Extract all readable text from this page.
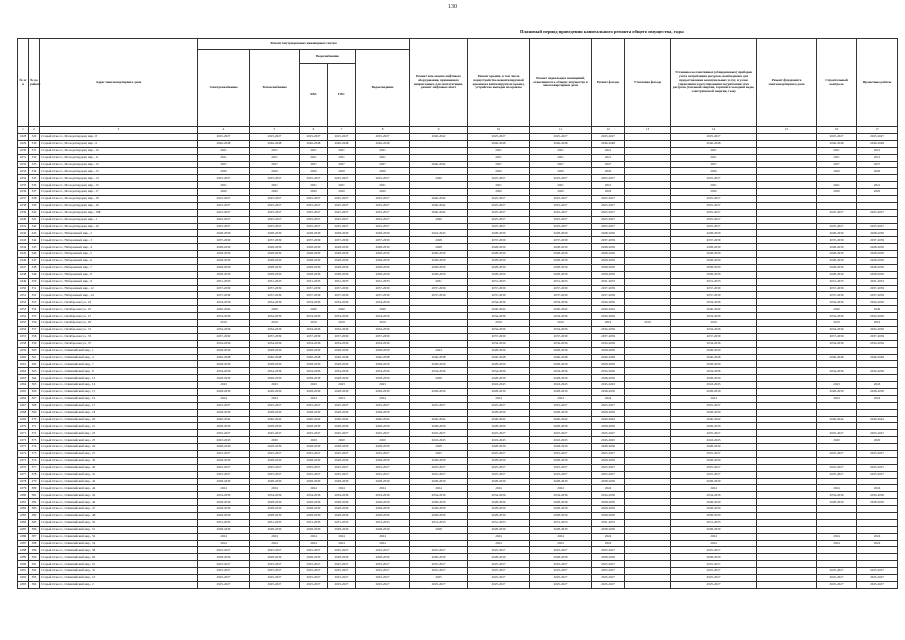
130
Плановый период проведения капитального ремонта общего имущества, годы
№ п/п	№ по району	Адрес многоквартирного дома	Ремонт внутридомовых инженерных систем					Ремонт или замена лифтового оборудования, признанного непригодным для эксплуатации, ремонт лифтовых шахт	Ремонт крыши, в том числе переустройство невентилируемой крыши на вентилируемую крышу, устройство выходов на кровлю	Ремонт подвальных помещений, относящихся к общему имуществу в многоквартирном доме	Ремонт фасада	Утепление фасада	Установка коллективных (общедомовых) приборов учета потребления ресурсов, необходимых для предоставления коммунальных услуг, и узлов управления и регулирования потребления этих ресурсов (тепловой энергии, горячей и холодной воды, электрической энергии, газа)	Ремонт фундамента многоквартирного дома	Строительный контроль	Проектные работы
			Электроснабжение	Теплоснабжение	Водоснабжение		Водоотведение									
					ХВС	ГВС										
1	2	3	4	5	6	7	8	9	10	11	12	13	14	15	16	17
4328	329	Старый Оскол г., Молодогвардеец мкр., 8	2025-2027	2025-2027	2025-2027	2025-2027	2025-2027	2040-2042	2025-2027	2025-2027	2025-2027		2025-2027		2025-2027	2025-2027
4329	330	Старый Оскол г., Молодогвардеец мкр., 9	2046-2048	2046-2048	2046-2048	2046-2048	2046-2048		2046-2048	2046-2048	2046-2048		2046-2048		2046-2048	2046-2048
4330	331	Старый Оскол г., Молодогвардеец мкр., 10	2021	2021	2021	2021	2021		2021	2021	2021		2021		2021	2021
4331	332	Старый Оскол г., Молодогвардеец мкр., 11	2021	2021	2021	2021	2021		2021	2021	2021		2021		2021	2021
4332	333	Старый Оскол г., Молодогвардеец мкр., 12	2027	2027	2027	2027	2027	2040-2042	2027	2027	2027		2027		2027	2027
4333	334	Старый Оскол г., Молодогвардеец мкр., 13	2020	2020	2020	2020	2020		2020	2020	2020		2020		2020	2020
4334	335	Старый Оскол г., Молодогвардеец мкр., 14	2025-2027	2025-2027	2025-2027	2025-2027	2025-2027	2040	2025-2027	2025-2027	2025-2027		2025-2027			
4335	336	Старый Оскол г., Молодогвардеец мкр., 15	2021	2021	2021	2021	2021		2021	2021	2021		2021		2021	2021
4336	337	Старый Оскол г., Молодогвардеец мкр., 17	2020	2020	2020	2020	2020		2020	2020	2020		2020		2020	2020
4337	338	Старый Оскол г., Молодогвардеец мкр., 18	2025-2027	2025-2027	2025-2027	2025-2027	2025-2027	2040-2042	2025-2027	2025-2027	2025-2027		2025-2027			
4338	339	Старый Оскол г., Молодогвардеец мкр., 19	2025-2027	2025-2027	2025-2027	2025-2027	2025-2027	2040-2042	2025-2027	2025-2027	2025-2027		2025-2027			
4339	340	Старый Оскол г., Молодогвардеец мкр., 19Б	2025-2027	2025-2027	2025-2027	2025-2027	2025-2027	2040-2042	2025-2027	2025-2027	2025-2027		2025-2027		2025-2027	2025-2027
4340	341	Старый Оскол г., Молодогвардеец мкр., 1	2025-2027	2025-2027	2025-2027	2025-2027	2025-2027	2040	2025-2027	2025-2027	2025-2027		2025-2027			
4341	342	Старый Оскол г., Молодогвардеец мкр., 16	2025-2027	2025-2027	2025-2027	2025-2027	2025-2027		2025-2027	2025-2027	2025-2027		2025-2027		2025-2027	2025-2027
4342	343	Старый Оскол г., Набережный мкр., 2	2028-2030	2028-2030	2028-2030	2028-2030	2028-2030	2043-2045	2028-2030	2028-2030	2028-2030		2028-2030		2028-2030	2028-2030
4343	344	Старый Оскол г., Набережный мкр., 3	2037-2039	2037-2039	2037-2039	2037-2039	2037-2039	2028	2037-2039	2037-2039	2037-2039		2037-2039		2037-2039	2037-2039
4344	345	Старый Оскол г., Набережный мкр., 4	2028-2030	2028-2030	2028-2030	2028-2030	2028-2030	2028	2028-2030	2028-2030	2028-2030		2028-2030		2028-2030	2028-2030
4345	346	Старый Оскол г., Набережный мкр., 5	2028-2030	2028-2030	2028-2030	2028-2030	2028-2030	2028-2030	2028-2030	2028-2030	2028-2030		2028-2030		2028-2030	2028-2030
4346	347	Старый Оскол г., Набережный мкр., 6	2028-2030	2028-2030	2028-2030	2028-2030	2028-2030	2028-2030	2028-2030	2028-2030	2028-2030		2028-2030		2028-2030	2028-2030
4347	348	Старый Оскол г., Набережный мкр., 7	2028-2030	2028-2030	2028-2030	2028-2030	2028-2030	2028-2030	2028-2030	2028-2030	2028-2030		2028-2030		2028-2030	2028-2030
4348	349	Старый Оскол г., Набережный мкр., 8	2028-2030	2028-2030	2028-2030	2028-2030	2028-2030	2028-2030	2028-2030	2028-2030	2028-2030		2028-2030		2028-2030	2028-2030
4349	350	Старый Оскол г., Набережный мкр., 9	2031-2033	2031-2033	2031-2033	2031-2033	2031-2033	2031	2031-2033	2031-2033	2031-2033		2031-2033		2031-2033	2031-2033
4350	351	Старый Оскол г., Набережный мкр., 12	2037-2039	2037-2039	2037-2039	2037-2039	2037-2039	2037-2039	2037-2039	2037-2039	2037-2039		2037-2039		2037-2039	2037-2039
4351	352	Старый Оскол г., Набережный мкр., 14	2037-2039	2037-2039	2037-2039	2037-2039	2037-2039	2037-2039	2037-2039	2037-2039	2037-2039		2037-2039		2037-2039	2037-2039
4352	353	Старый Оскол г., Октябрьская ул., 23	2034-2036	2034-2036	2034-2036	2034-2036	2034-2036		2034-2036	2034-2036	2034-2036		2034-2036		2034-2036	2034-2036
4353	354	Старый Оскол г., Октябрьская ул., 25	2040-2042	2040	2040	2040	2040		2040-2042	2040-2042	2040-2042		2040-2042		2040	2040
4354	355	Старый Оскол г., Октябрьская ул., 27	2034-2036	2034-2036	2034-2036	2034-2036	2034-2036		2034-2036	2034-2036	2034-2036		2034-2036		2034-2036	2034-2036
4355	356	Старый Оскол г., Октябрьская ул., 29	2019	2019	2019	2019	2019		2019	2019	2019	2019	2019		2019	2019
4356	357	Старый Оскол г., Октябрьская ул., 31	2034-2036	2034-2036	2034-2036	2034-2036	2034-2036		2034-2036	2034-2036	2034-2036		2034-2036		2034-2036	2034-2036
4357	358	Старый Оскол г., Октябрьская ул., 35	2037-2039	2037-2039	2037-2039	2037-2039	2037-2039		2037-2039	2037-2039	2037-2039		2037-2039		2037-2039	2037-2039
4358	359	Старый Оскол г., Октябрьская ул., 37	2034-2036	2034-2036	2034-2036	2034-2036	2034-2036		2034-2036	2034-2036	2034-2036		2034-2036		2034-2036	2034-2036
4359	360	Старый Оскол г., Олимпийский мкр., 1	2028-2030	2028-2030	2028-2030	2028-2030	2028-2030	2043	2028-2030	2028-2030	2028-2030		2028-2030			
4360	361	Старый Оскол г., Олимпийский мкр., 4	2046-2048	2046-2048	2046-2048	2046-2048	2046-2048	2046-2048	2046-2048	2046-2048	2046-2048		2046-2048		2046-2048	2046-2048
4361	362	Старый Оскол г., Олимпийский мкр., 7	2028-2030	2028-2030	2028-2030	2028-2030	2028-2030	2028-2030	2028-2030	2028-2030	2028-2030		2028-2030			
4362	363	Старый Оскол г., Олимпийский мкр., 8	2034-2036	2034-2036	2034-2036	2034-2036	2034-2036	2034-2036	2034-2036	2034-2036	2034-2036		2034-2036		2034-2036	2034-2036
4363	364	Старый Оскол г., Олимпийский мкр., 12	2028-2030	2028-2030	2028-2030	2028-2030	2028-2030	2028	2028-2030	2028-2030	2028-2030		2028-2030			
4364	365	Старый Оскол г., Олимпийский мкр., 14	2043	2043	2043	2043	2043		2043-2045	2043-2045	2043-2045		2043-2045		2043	2043
4365	366	Старый Оскол г., Олимпийский мкр., 15	2028-2030	2028-2030	2028-2030	2028-2030	2028-2030	2028-2030	2028-2030	2028-2030	2028-2030		2028-2030		2028-2030	2028-2030
4366	367	Старый Оскол г., Олимпийский мкр., 16	2024	2024	2024	2024	2024		2024	2024	2024		2024		2024	2024
4367	368	Старый Оскол г., Олимпийский мкр., 17	2025-2027	2025-2027	2025-2027	2025-2027	2025-2027	2025-2027	2025-2027	2025-2027	2025-2027		2025-2027			
4368	369	Старый Оскол г., Олимпийский мкр., 18	2028-2030	2028-2030	2028-2030	2028-2030	2028-2030		2028-2030	2028-2030	2028-2030		2028-2030			
4369	370	Старый Оскол г., Олимпийский мкр., 20	2040-2042	2040-2042	2040-2042	2040-2042	2040-2042	2040-2042	2040-2042	2040-2042	2040-2042		2040-2042		2040-2042	2040-2042
4370	371	Старый Оскол г., Олимпийский мкр., 21	2028-2030	2028-2030	2028-2030	2028-2030	2028-2030	2028-2030	2028-2030	2028-2030	2028-2030		2028-2030			
4371	372	Старый Оскол г., Олимпийский мкр., 23	2025-2027	2025-2027	2025-2027	2025-2027	2025-2027	2025-2027	2025-2027	2025-2027	2025-2027		2025-2027		2025-2027	2025-2027
4372	373	Старый Оскол г., Олимпийский мкр., 25	2043-2045	2020	2020	2020	2020	2043-2045	2043-2045	2043-2045	2043-2045		2043-2045		2020	2020
4373	374	Старый Оскол г., Олимпийский мкр., 26	2028-2030	2028-2030	2028-2030	2028-2030	2028-2030	2028	2028-2030	2028-2030	2028-2030		2028-2030			
4374	375	Старый Оскол г., Олимпийский мкр., 27	2025-2027	2025-2027	2025-2027	2025-2027	2025-2027	2025	2025-2027	2025-2027	2025-2027		2025-2027		2025-2027	2025-2027
4375	376	Старый Оскол г., Олимпийский мкр., 30	2028-2030	2028-2030	2028-2030	2028-2030	2028-2030	2028-2030	2028-2030	2028-2030	2028-2030		2028-2030			
4376	377	Старый Оскол г., Олимпийский мкр., 40	2025-2027	2025-2027	2025-2027	2025-2027	2025-2027	2025-2027	2025-2027	2025-2027	2025-2027		2025-2027		2025-2027	2025-2027
4377	378	Старый Оскол г., Олимпийский мкр., 41	2025-2027	2025-2027	2025-2027	2025-2027	2025-2027	2025-2027	2025-2027	2025-2027	2025-2027		2025-2027		2025-2027	2025-2027
4378	379	Старый Оскол г., Олимпийский мкр., 42	2028-2030	2028-2030	2028-2030	2028-2030	2028-2030	2028-2030	2028-2030	2028-2030	2028-2030		2028-2030			
4379	380	Старый Оскол г., Олимпийский мкр., 44	2024	2024	2024	2024	2024	2024	2024	2024	2024		2024		2024	2024
4380	381	Старый Оскол г., Олимпийский мкр., 45	2034-2036	2034-2036	2034-2036	2034-2036	2034-2036	2034-2036	2034-2036	2034-2036	2034-2036		2034-2036		2034-2036	2034-2036
4381	382	Старый Оскол г., Олимпийский мкр., 46	2028-2030	2028-2030	2028-2030	2028-2030	2028-2030	2028-2030	2028-2030	2028-2030	2028-2030		2028-2030		2028-2030	2028-2030
4382	383	Старый Оскол г., Олимпийский мкр., 47	2028-2030	2028-2030	2028-2030	2028-2030	2028-2030	2028-2030	2028-2030	2028-2030	2028-2030		2028-2030			
4383	384	Старый Оскол г., Олимпийский мкр., 48	2028-2030	2028-2030	2028-2030	2028-2030	2028-2030	2028-2030	2028-2030	2028-2030	2028-2030		2028-2030			
4384	385	Старый Оскол г., Олимпийский мкр., 50	2031-2033	2031-2033	2031-2033	2031-2033	2031-2033	2031-2033	2031-2033	2031-2033	2031-2033		2031-2033			
4385	386	Старый Оскол г., Олимпийский мкр., 51	2028-2030	2028-2030	2028-2030	2028-2030	2028-2030	2028	2028-2030	2028-2030	2028-2030		2028-2030			
4386	387	Старый Оскол г., Олимпийский мкр., 52	2024	2024	2024	2024	2024		2024	2024	2024		2024		2024	2024
4387	388	Старый Оскол г., Олимпийский мкр., 54	2024	2024	2024	2024	2024		2024	2024	2024		2024		2024	2024
4388	389	Старый Оскол г., Олимпийский мкр., 58	2025-2027	2025-2027	2025-2027	2025-2027	2025-2027	2025-2027	2025-2027	2025-2027	2025-2027		2025-2027			
4389	390	Старый Оскол г., Олимпийский мкр., 60	2028-2030	2028-2030	2028-2030	2028-2030	2028-2030	2028-2030	2028-2030	2028-2030	2028-2030		2028-2030			
4390	391	Старый Оскол г., Олимпийский мкр., 61	2025-2027	2025-2027	2025-2027	2025-2027	2025-2027	2025-2027	2025-2027	2025-2027	2025-2027		2025-2027			
4391	392	Старый Оскол г., Олимпийский мкр., 3а	2025-2027	2025-2027	2025-2027	2025-2027	2025-2027	2025-2027	2025-2027	2025-2027	2025-2027		2025-2027		2025-2027	2025-2027
4392	393	Старый Оскол г., Олимпийский мкр., 10	2025-2027	2025-2027	2025-2027	2025-2027	2025-2027	2025	2025-2027	2025-2027	2025-2027		2025-2027		2025-2027	2025-2027
4393	394	Старый Оскол г., Олимпийский мкр., 2	2025-2027	2025-2027	2025-2027	2025-2027	2025-2027	2025-2027	2025-2027	2025-2027	2025-2027		2025-2027		2025-2027	2025-2027
